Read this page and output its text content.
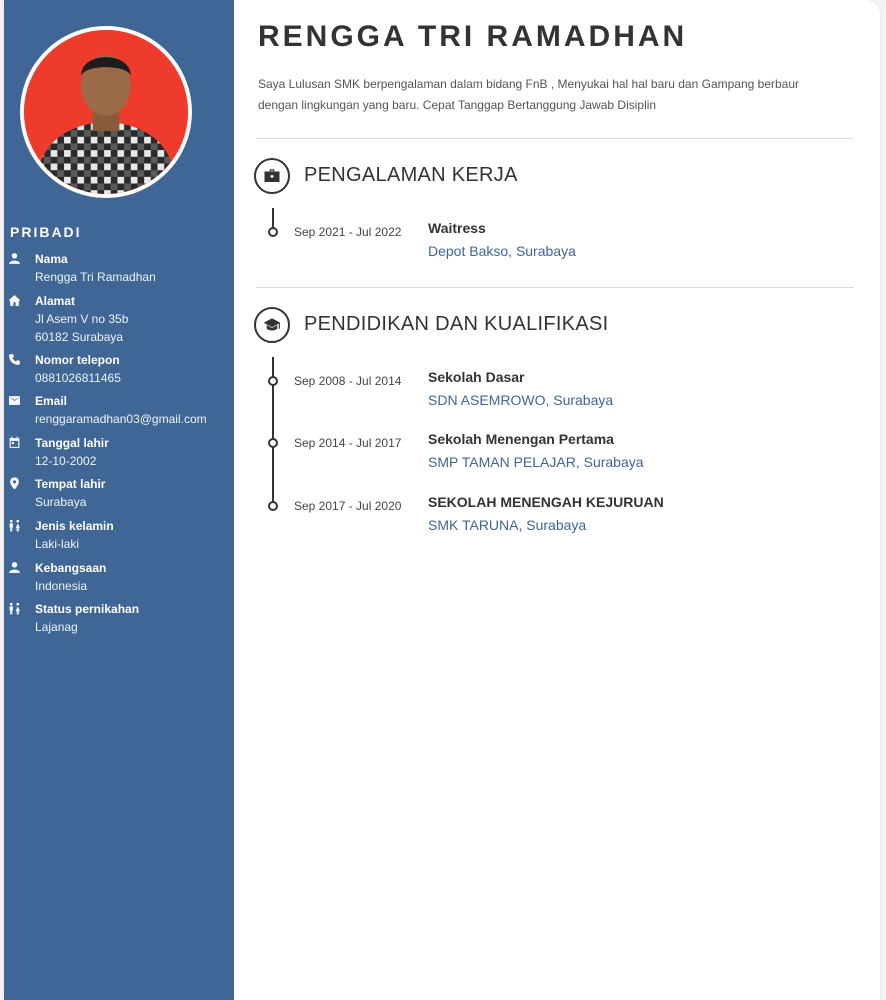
PRIBADI
Nama
Rengga Tri Ramadhan
Alamat
Jl Asem V no 35b
60182 Surabaya
Nomor telepon
0881026811465
Email
renggaramadhan03@gmail.com
Tanggal lahir
12-10-2002
Tempat lahir
Surabaya
Jenis kelamin
Laki-laki
Kebangsaan
Indonesia
Status pernikahan
Lajanag
RENGGA TRI RAMADHAN
Saya Lulusan SMK berpengalaman dalam bidang FnB , Menyukai hal hal baru dan Gampang berbaur dengan lingkungan yang baru. Cepat Tanggap Bertanggung Jawab Disiplin
PENGALAMAN KERJA
Sep 2021 - Jul 2022 Waitress
Depot Bakso, Surabaya
PENDIDIKAN DAN KUALIFIKASI
Sep 2008 - Jul 2014 Sekolah Dasar
SDN ASEMROWO, Surabaya
Sep 2014 - Jul 2017 Sekolah Menengan Pertama
SMP TAMAN PELAJAR, Surabaya
Sep 2017 - Jul 2020 SEKOLAH MENENGAH KEJURUAN
SMK TARUNA, Surabaya
